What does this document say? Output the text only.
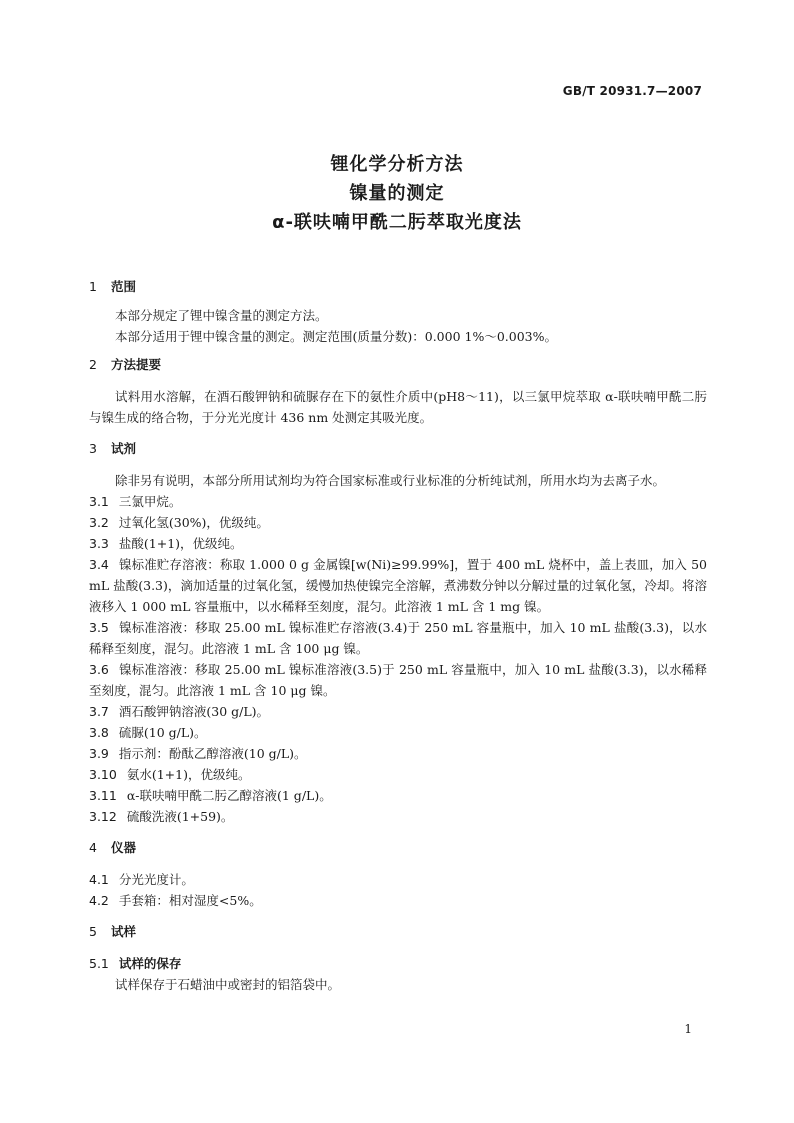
GB/T 20931.7—2007
锂化学分析方法
镍量的测定
α-联呋喃甲酰二肟萃取光度法
1 范围
本部分规定了锂中镍含量的测定方法。
本部分适用于锂中镍含量的测定。测定范围(质量分数)：0.000 1%～0.003%。
2 方法提要
试料用水溶解，在酒石酸钾钠和硫脲存在下的氨性介质中(pH8～11)，以三氯甲烷萃取 α-联呋喃甲酰二肟与镍生成的络合物，于分光光度计 436 nm 处测定其吸光度。
3 试剂
除非另有说明，本部分所用试剂均为符合国家标准或行业标准的分析纯试剂，所用水均为去离子水。
3.1 三氯甲烷。
3.2 过氧化氢(30%)，优级纯。
3.3 盐酸(1+1)，优级纯。
3.4 镍标准贮存溶液：称取 1.000 0 g 金属镍[w(Ni)≥99.99%]，置于 400 mL 烧杯中，盖上表皿，加入 50 mL 盐酸(3.3)，滴加适量的过氧化氢，缓慢加热使镍完全溶解，煮沸数分钟以分解过量的过氧化氢，冷却。将溶液移入 1 000 mL 容量瓶中，以水稀释至刻度，混匀。此溶液 1 mL 含 1 mg 镍。
3.5 镍标准溶液：移取 25.00 mL 镍标准贮存溶液(3.4)于 250 mL 容量瓶中，加入 10 mL 盐酸(3.3)，以水稀释至刻度，混匀。此溶液 1 mL 含 100 μg 镍。
3.6 镍标准溶液：移取 25.00 mL 镍标准溶液(3.5)于 250 mL 容量瓶中，加入 10 mL 盐酸(3.3)，以水稀释至刻度，混匀。此溶液 1 mL 含 10 μg 镍。
3.7 酒石酸钾钠溶液(30 g/L)。
3.8 硫脲(10 g/L)。
3.9 指示剂：酚酞乙醇溶液(10 g/L)。
3.10 氨水(1+1)，优级纯。
3.11 α-联呋喃甲酰二肟乙醇溶液(1 g/L)。
3.12 硫酸洗液(1+59)。
4 仪器
4.1 分光光度计。
4.2 手套箱：相对湿度<5%。
5 试样
5.1 试样的保存
试样保存于石蜡油中或密封的铝箔袋中。
1
